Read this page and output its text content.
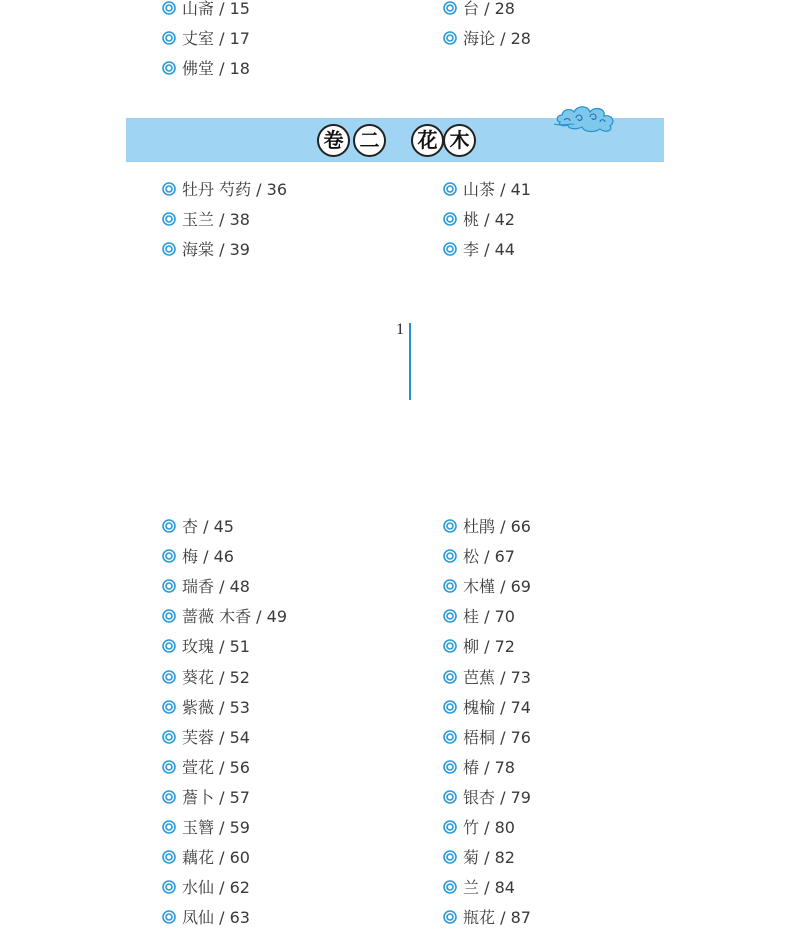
山斋 / 15
丈室 / 17
佛堂 / 18
台 / 28
海论 / 28
牡丹 芍药 / 36
玉兰 / 38
海棠 / 39
山茶 / 41
桃 / 42
李 / 44
杏 / 45
梅 / 46
瑞香 / 48
蔷薇 木香 / 49
玫瑰 / 51
葵花 / 52
紫薇 / 53
芙蓉 / 54
萱花 / 56
薝卜 / 57
玉簪 / 59
藕花 / 60
水仙 / 62
凤仙 / 63
杜鹃 / 66
松 / 67
木槿 / 69
桂 / 70
柳 / 72
芭蕉 / 73
槐榆 / 74
梧桐 / 76
椿 / 78
银杏 / 79
竹 / 80
菊 / 82
兰 / 84
瓶花 / 87
卷 二	花 木
1
